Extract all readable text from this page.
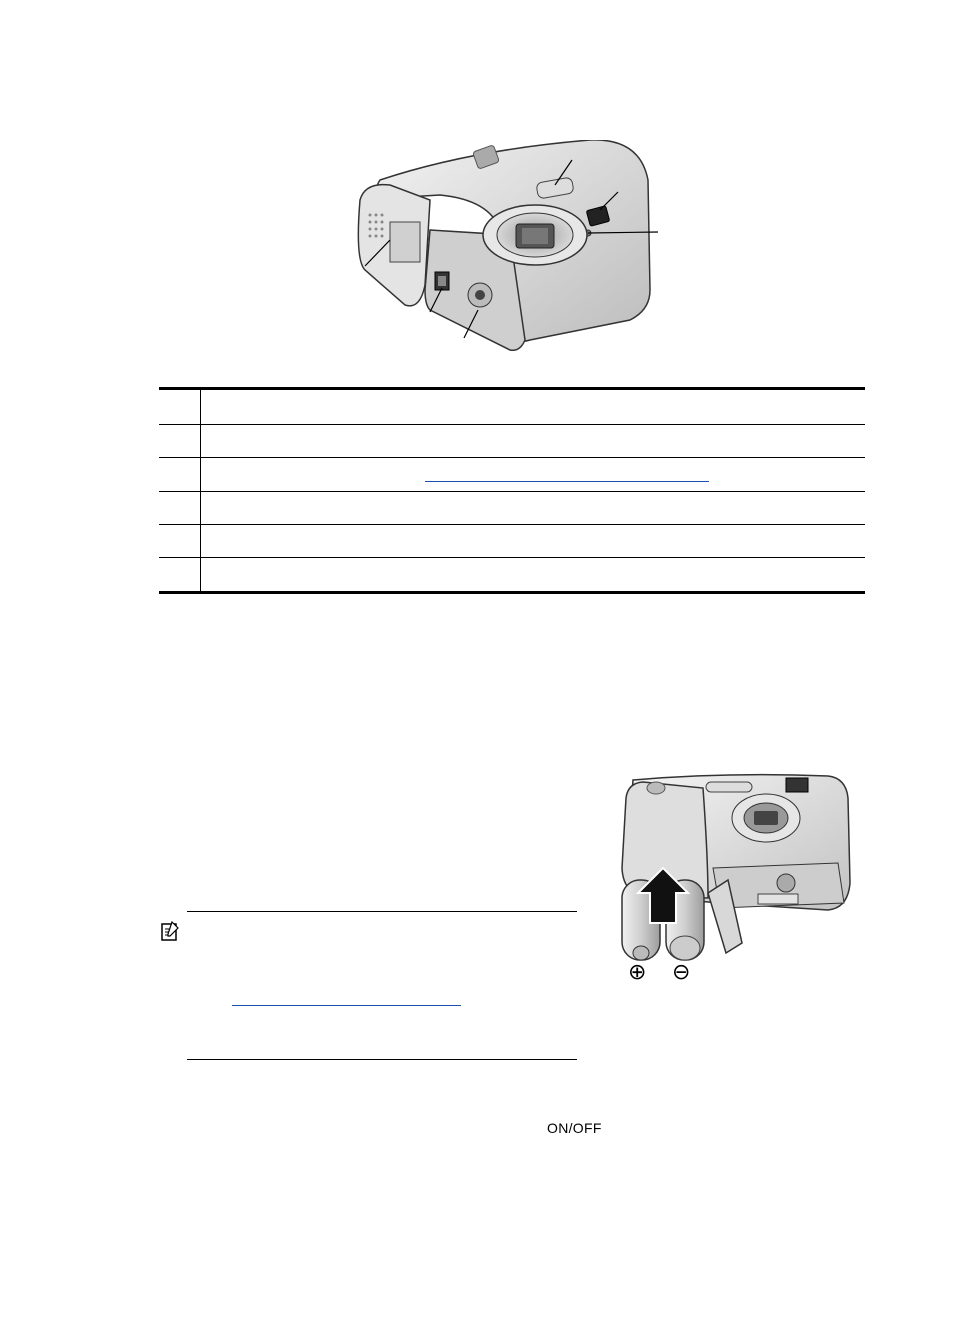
⊕ ⊖
ON/OFF
